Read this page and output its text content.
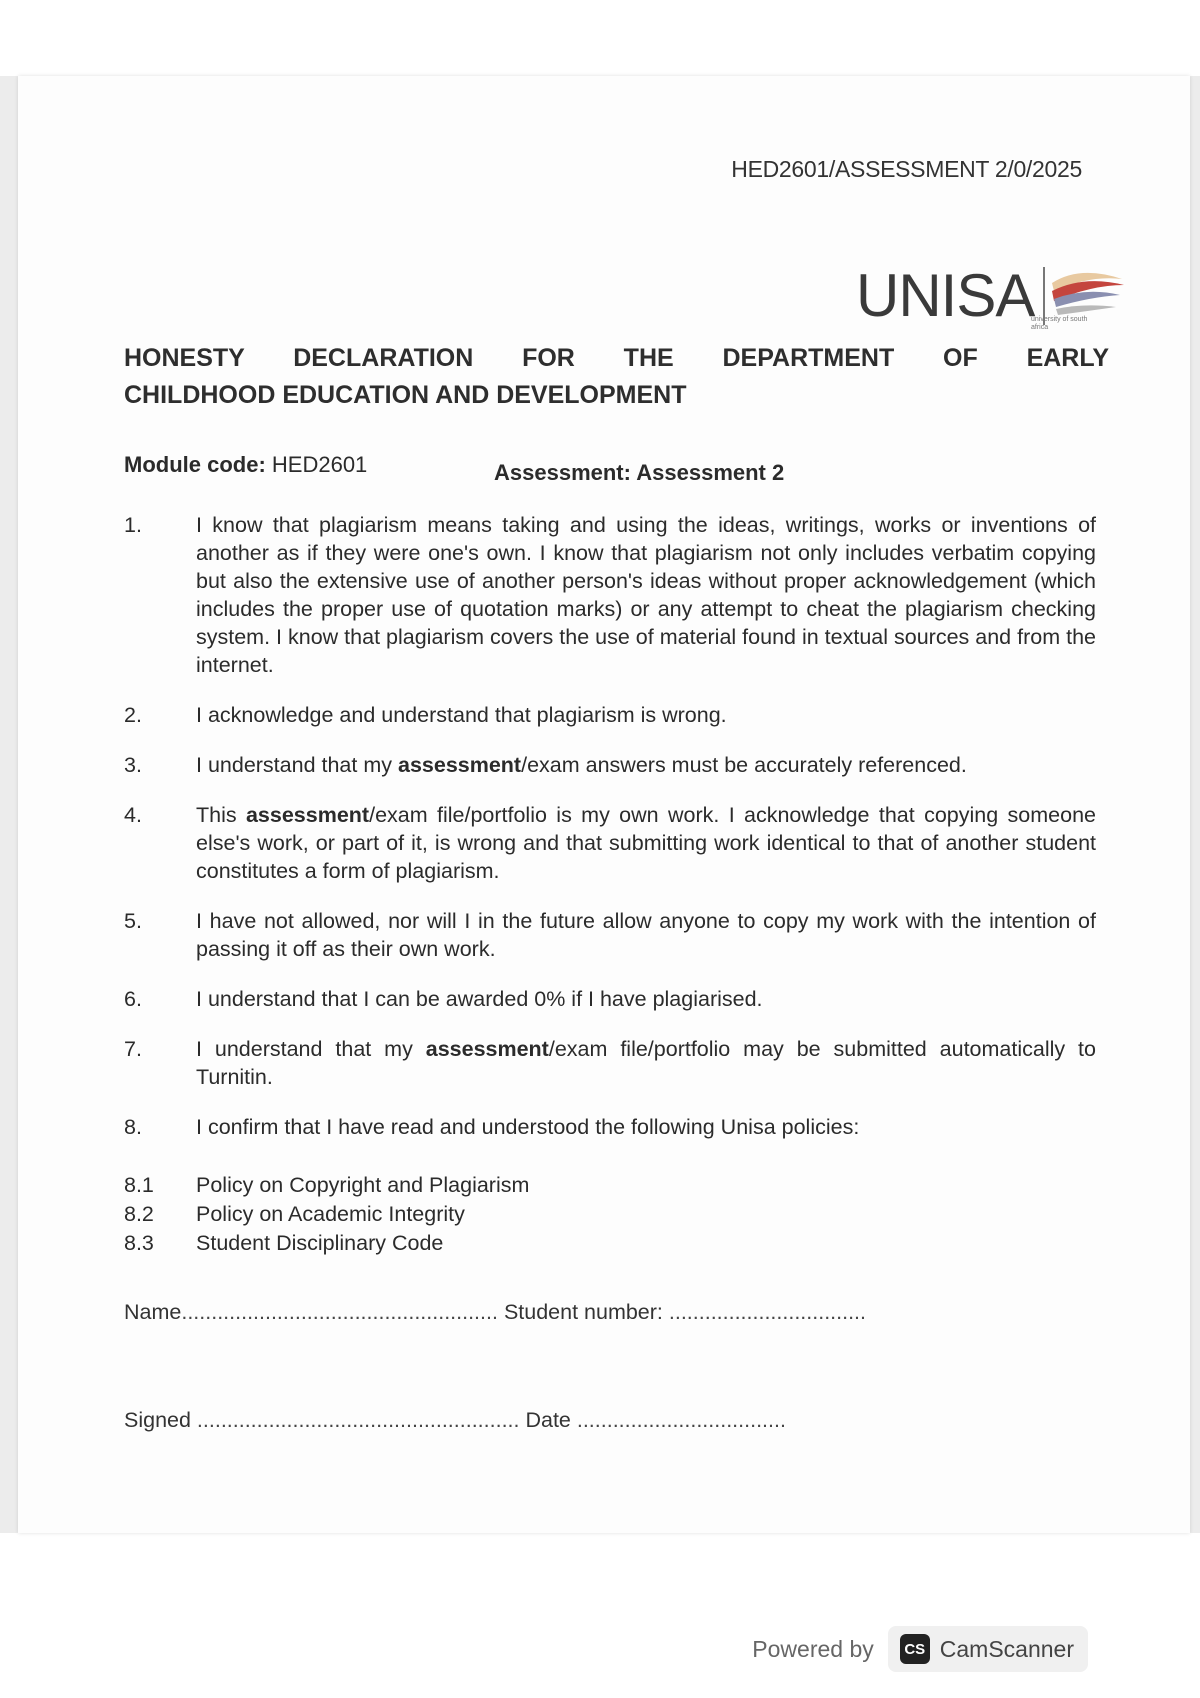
HED2601/ASSESSMENT 2/0/2025
UNISA
university of south africa
HONESTY DECLARATION FOR THE DEPARTMENT OF EARLY
CHILDHOOD EDUCATION AND DEVELOPMENT
Module code: HED2601	Assessment: Assessment 2
1.	I know that plagiarism means taking and using the ideas, writings, works or inventions of another as if they were one's own. I know that plagiarism not only includes verbatim copying but also the extensive use of another person's ideas without proper acknowledgement (which includes the proper use of quotation marks) or any attempt to cheat the plagiarism checking system. I know that plagiarism covers the use of material found in textual sources and from the internet.
2.	I acknowledge and understand that plagiarism is wrong.
3.	I understand that my assessment/exam answers must be accurately referenced.
4.	This assessment/exam file/portfolio is my own work. I acknowledge that copying someone else's work, or part of it, is wrong and that submitting work identical to that of another student constitutes a form of plagiarism.
5.	I have not allowed, nor will I in the future allow anyone to copy my work with the intention of passing it off as their own work.
6.	I understand that I can be awarded 0% if I have plagiarised.
7.	I understand that my assessment/exam file/portfolio may be submitted automatically to Turnitin.
8.	I confirm that I have read and understood the following Unisa policies:
8.1	Policy on Copyright and Plagiarism
8.2	Policy on Academic Integrity
8.3	Student Disciplinary Code
Name..................................................... Student number: .................................
Signed ...................................................... Date ...................................
Powered by	CS CamScanner
